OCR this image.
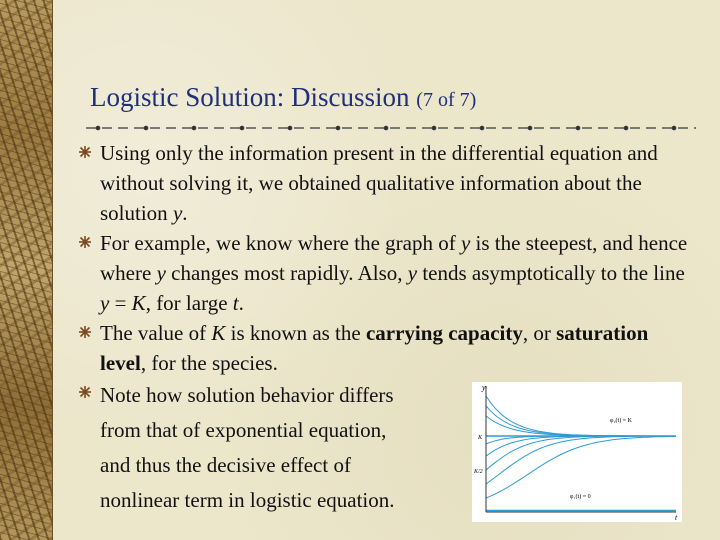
Logistic Solution: Discussion (7 of 7)
Using only the information present in the differential equation and without solving it, we obtained qualitative information about the solution y.
For example, we know where the graph of y is the steepest, and hence where y changes most rapidly. Also, y tends asymptotically to the line y = K, for large t.
The value of K is known as the carrying capacity, or saturation level, for the species.
Note how solution behavior differs
from that of exponential equation,
and thus the decisive effect of
nonlinear term in logistic equation.
y
t
K
K/2
φ₂(t) = K
φ₁(t) = 0
